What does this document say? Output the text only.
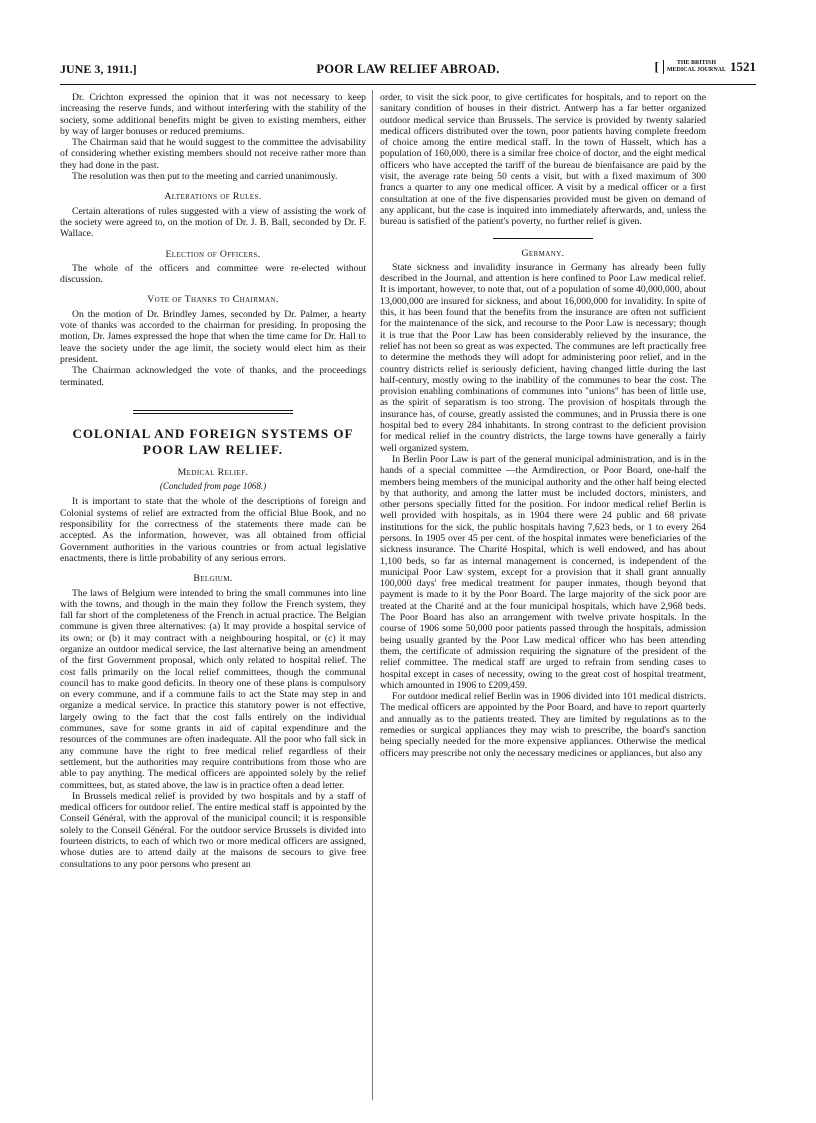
JUNE 3, 1911.]	POOR LAW RELIEF ABROAD.	[	THE BRITISH
MEDICAL JOURNAL 1521

Dr. Crichton expressed the opinion that it was not necessary to keep increasing the reserve funds, and without interfering with the stability of the society, some additional benefits might be given to existing members, either by way of larger bonuses or reduced premiums.

The Chairman said that he would suggest to the committee the advisability of considering whether existing members should not receive rather more than they had done in the past.

The resolution was then put to the meeting and carried unanimously.

Alterations of Rules.

Certain alterations of rules suggested with a view of assisting the work of the society were agreed to, on the motion of Dr. J. B. Ball, seconded by Dr. F. Wallace.

Election of Officers.

The whole of the officers and committee were re-elected without discussion.

Vote of Thanks to Chairman.

On the motion of Dr. Brindley James, seconded by Dr. Palmer, a hearty vote of thanks was accorded to the chairman for presiding. In proposing the motion, Dr. James expressed the hope that when the time came for Dr. Hall to leave the society under the age limit, the society would elect him as their president.

The Chairman acknowledged the vote of thanks, and the proceedings terminated.

COLONIAL AND FOREIGN SYSTEMS OF
POOR LAW RELIEF.
Medical Relief.
(Concluded from page 1068.)

It is important to state that the whole of the descriptions of foreign and Colonial systems of relief are extracted from the official Blue Book, and no responsibility for the correctness of the statements there made can be accepted. As the information, however, was all obtained from official Government authorities in the various countries or from actual legislative enactments, there is little probability of any serious errors.

Belgium.

The laws of Belgium were intended to bring the small communes into line with the towns, and though in the main they follow the French system, they fall far short of the completeness of the French in actual practice. The Belgian commune is given three alternatives: (a) It may provide a hospital service of its own; or (b) it may contract with a neighbouring hospital, or (c) it may organize an outdoor medical service, the last alternative being an amendment of the first Government proposal, which only related to hospital relief. The cost falls primarily on the local relief committees, though the communal council has to make good deficits. In theory one of these plans is compulsory on every commune, and if a commune fails to act the State may step in and organize a medical service. In practice this statutory power is not effective, largely owing to the fact that the cost falls entirely on the individual communes, save for some grants in aid of capital expenditure and the resources of the communes are often inadequate. All the poor who fall sick in any commune have the right to free medical relief regardless of their settlement, but the authorities may require contributions from those who are able to pay anything. The medical officers are appointed solely by the relief committees, but, as stated above, the law is in practice often a dead letter.

In Brussels medical relief is provided by two hospitals and by a staff of medical officers for outdoor relief. The entire medical staff is appointed by the Conseil Général, with the approval of the municipal council; it is responsible solely to the Conseil Général. For the outdoor service Brussels is divided into fourteen districts, to each of which two or more medical officers are assigned, whose duties are to attend daily at the maisons de secours to give free consultations to any poor persons who present an

order, to visit the sick poor, to give certificates for hospitals, and to report on the sanitary condition of houses in their district. Antwerp has a far better organized outdoor medical service than Brussels. The service is provided by twenty salaried medical officers distributed over the town, poor patients having complete freedom of choice among the entire medical staff. In the town of Hasselt, which has a population of 160,000, there is a similar free choice of doctor, and the eight medical officers who have accepted the tariff of the bureau de bienfaisance are paid by the visit, the average rate being 50 cents a visit, but with a fixed maximum of 300 francs a quarter to any one medical officer. A visit by a medical officer or a first consultation at one of the five dispensaries provided must be given on demand of any applicant, but the case is inquired into immediately afterwards, and, unless the bureau is satisfied of the patient's poverty, no further relief is given.

Germany.

State sickness and invalidity insurance in Germany has already been fully described in the Journal, and attention is here confined to Poor Law medical relief. It is important, however, to note that, out of a population of some 40,000,000, about 13,000,000 are insured for sickness, and about 16,000,000 for invalidity. In spite of this, it has been found that the benefits from the insurance are often not sufficient for the maintenance of the sick, and recourse to the Poor Law is necessary; though it is true that the Poor Law has been considerably relieved by the insurance, the relief has not been so great as was expected. The communes are left practically free to determine the methods they will adopt for administering poor relief, and in the country districts relief is seriously deficient, having changed little during the last half-century, mostly owing to the inability of the communes to bear the cost. The provision enabling combinations of communes into "unions" has been of little use, as the spirit of separatism is too strong. The provision of hospitals through the insurance has, of course, greatly assisted the communes, and in Prussia there is one hospital bed to every 284 inhabitants. In strong contrast to the deficient provision for medical relief in the country districts, the large towns have generally a fairly well organized system.

In Berlin Poor Law is part of the general municipal administration, and is in the hands of a special committee —the Armdirection, or Poor Board, one-half the members being members of the municipal authority and the other half being elected by that authority, and among the latter must be included doctors, ministers, and other persons specially fitted for the position. For indoor medical relief Berlin is well provided with hospitals, as in 1904 there were 24 public and 68 private institutions for the sick, the public hospitals having 7,623 beds, or 1 to every 264 persons. In 1905 over 45 per cent. of the hospital inmates were beneficiaries of the sickness insurance. The Charité Hospital, which is well endowed, and has about 1,100 beds, so far as internal management is concerned, is independent of the municipal Poor Law system, except for a provision that it shall grant annually 100,000 days' free medical treatment for pauper inmates, though beyond that payment is made to it by the Poor Board. The large majority of the sick poor are treated at the Charité and at the four municipal hospitals, which have 2,968 beds. The Poor Board has also an arrangement with twelve private hospitals. In the course of 1906 some 50,000 poor patients passed through the hospitals, admission being usually granted by the Poor Law medical officer who has been attending them, the certificate of admission requiring the signature of the president of the relief committee. The medical staff are urged to refrain from sending cases to hospital except in cases of necessity, owing to the great cost of hospital treatment, which amounted in 1906 to £209,459.

For outdoor medical relief Berlin was in 1906 divided into 101 medical districts. The medical officers are appointed by the Poor Board, and have to report quarterly and annually as to the patients treated. They are limited by regulations as to the remedies or surgical appliances they may wish to prescribe, the board's sanction being specially needed for the more expensive appliances. Otherwise the medical officers may prescribe not only the necessary medicines or appliances, but also any
